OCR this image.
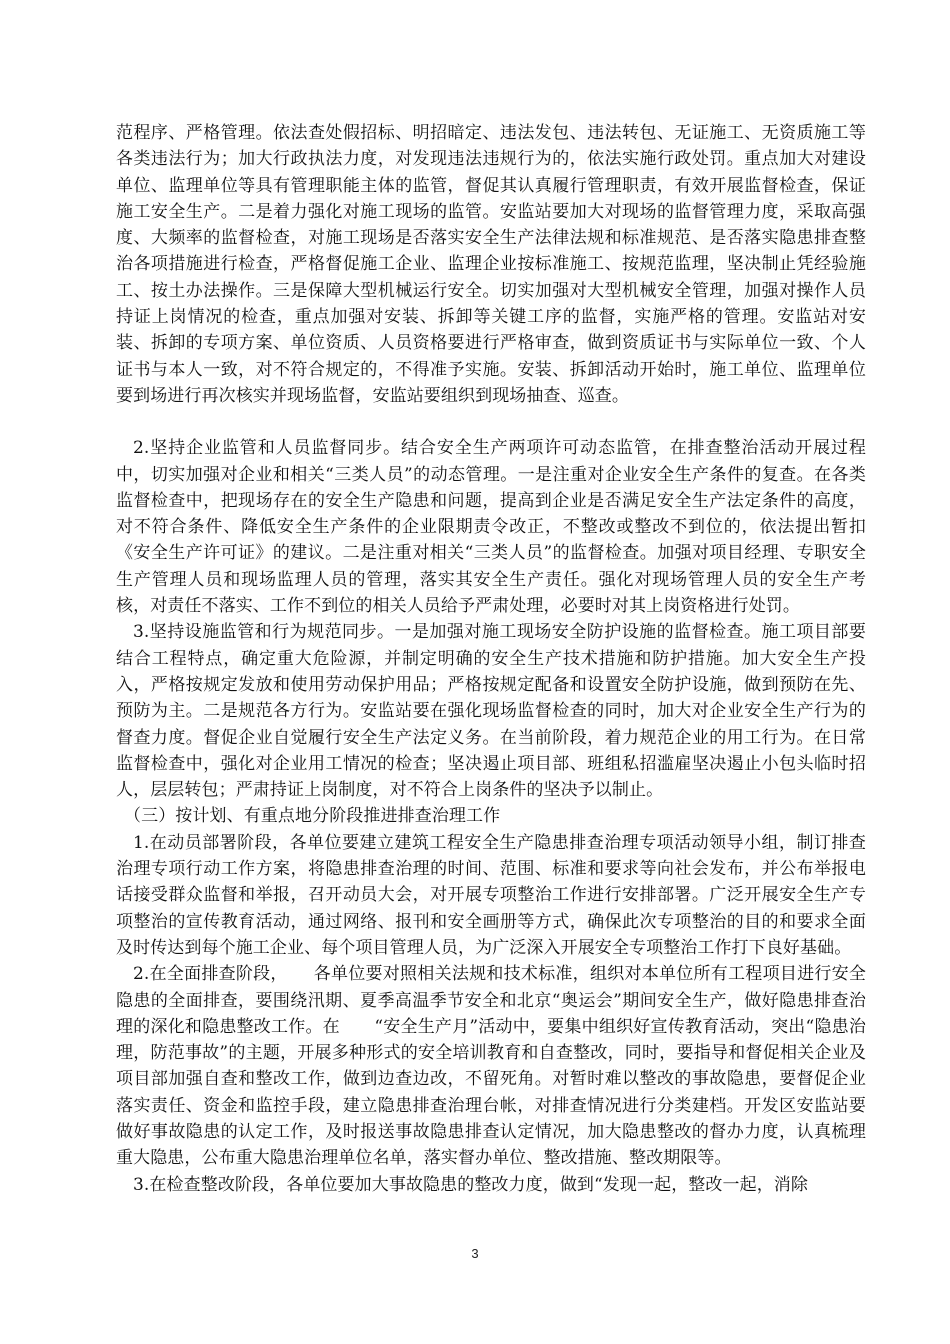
范程序、严格管理。依法查处假招标、明招暗定、违法发包、违法转包、无证施工、无资质施工等各类违法行为；加大行政执法力度，对发现违法违规行为的，依法实施行政处罚。重点加大对建设单位、监理单位等具有管理职能主体的监管，督促其认真履行管理职责，有效开展监督检查，保证施工安全生产。二是着力强化对施工现场的监管。安监站要加大对现场的监督管理力度，采取高强度、大频率的监督检查，对施工现场是否落实安全生产法律法规和标准规范、是否落实隐患排查整治各项措施进行检查，严格督促施工企业、监理企业按标准施工、按规范监理，坚决制止凭经验施工、按土办法操作。三是保障大型机械运行安全。切实加强对大型机械安全管理，加强对操作人员持证上岗情况的检查，重点加强对安装、拆卸等关键工序的监督，实施严格的管理。安监站对安装、拆卸的专项方案、单位资质、人员资格要进行严格审查，做到资质证书与实际单位一致、个人证书与本人一致，对不符合规定的，不得准予实施。安装、拆卸活动开始时，施工单位、监理单位要到场进行再次核实并现场监督，安监站要组织到现场抽查、巡查。

2.坚持企业监管和人员监督同步。结合安全生产两项许可动态监管，在排查整治活动开展过程中，切实加强对企业和相关“三类人员”的动态管理。一是注重对企业安全生产条件的复查。在各类监督检查中，把现场存在的安全生产隐患和问题，提高到企业是否满足安全生产法定条件的高度，对不符合条件、降低安全生产条件的企业限期责令改正，不整改或整改不到位的，依法提出暂扣《安全生产许可证》的建议。二是注重对相关“三类人员”的监督检查。加强对项目经理、专职安全生产管理人员和现场监理人员的管理，落实其安全生产责任。强化对现场管理人员的安全生产考核，对责任不落实、工作不到位的相关人员给予严肃处理，必要时对其上岗资格进行处罚。

3.坚持设施监管和行为规范同步。一是加强对施工现场安全防护设施的监督检查。施工项目部要结合工程特点，确定重大危险源，并制定明确的安全生产技术措施和防护措施。加大安全生产投入，严格按规定发放和使用劳动保护用品；严格按规定配备和设置安全防护设施，做到预防在先、预防为主。二是规范各方行为。安监站要在强化现场监督检查的同时，加大对企业安全生产行为的督查力度。督促企业自觉履行安全生产法定义务。在当前阶段，着力规范企业的用工行为。在日常监督检查中，强化对企业用工情况的检查；坚决遏止项目部、班组私招滥雇坚决遏止小包头临时招人，层层转包；严肃持证上岗制度，对不符合上岗条件的坚决予以制止。

（三）按计划、有重点地分阶段推进排查治理工作

1.在动员部署阶段，各单位要建立建筑工程安全生产隐患排查治理专项活动领导小组，制订排查治理专项行动工作方案，将隐患排查治理的时间、范围、标准和要求等向社会发布，并公布举报电话接受群众监督和举报，召开动员大会，对开展专项整治工作进行安排部署。广泛开展安全生产专项整治的宣传教育活动，通过网络、报刊和安全画册等方式，确保此次专项整治的目的和要求全面及时传达到每个施工企业、每个项目管理人员，为广泛深入开展安全专项整治工作打下良好基础。

2.在全面排查阶段，　　各单位要对照相关法规和技术标准，组织对本单位所有工程项目进行安全隐患的全面排查，要围绕汛期、夏季高温季节安全和北京“奥运会”期间安全生产，做好隐患排查治理的深化和隐患整改工作。在　　“安全生产月”活动中，要集中组织好宣传教育活动，突出“隐患治理，防范事故”的主题，开展多种形式的安全培训教育和自查整改，同时，要指导和督促相关企业及项目部加强自查和整改工作，做到边查边改，不留死角。对暂时难以整改的事故隐患，要督促企业落实责任、资金和监控手段，建立隐患排查治理台帐，对排查情况进行分类建档。开发区安监站要做好事故隐患的认定工作，及时报送事故隐患排查认定情况，加大隐患整改的督办力度，认真梳理重大隐患，公布重大隐患治理单位名单，落实督办单位、整改措施、整改期限等。

3.在检查整改阶段，各单位要加大事故隐患的整改力度，做到“发现一起，整改一起，消除

3
